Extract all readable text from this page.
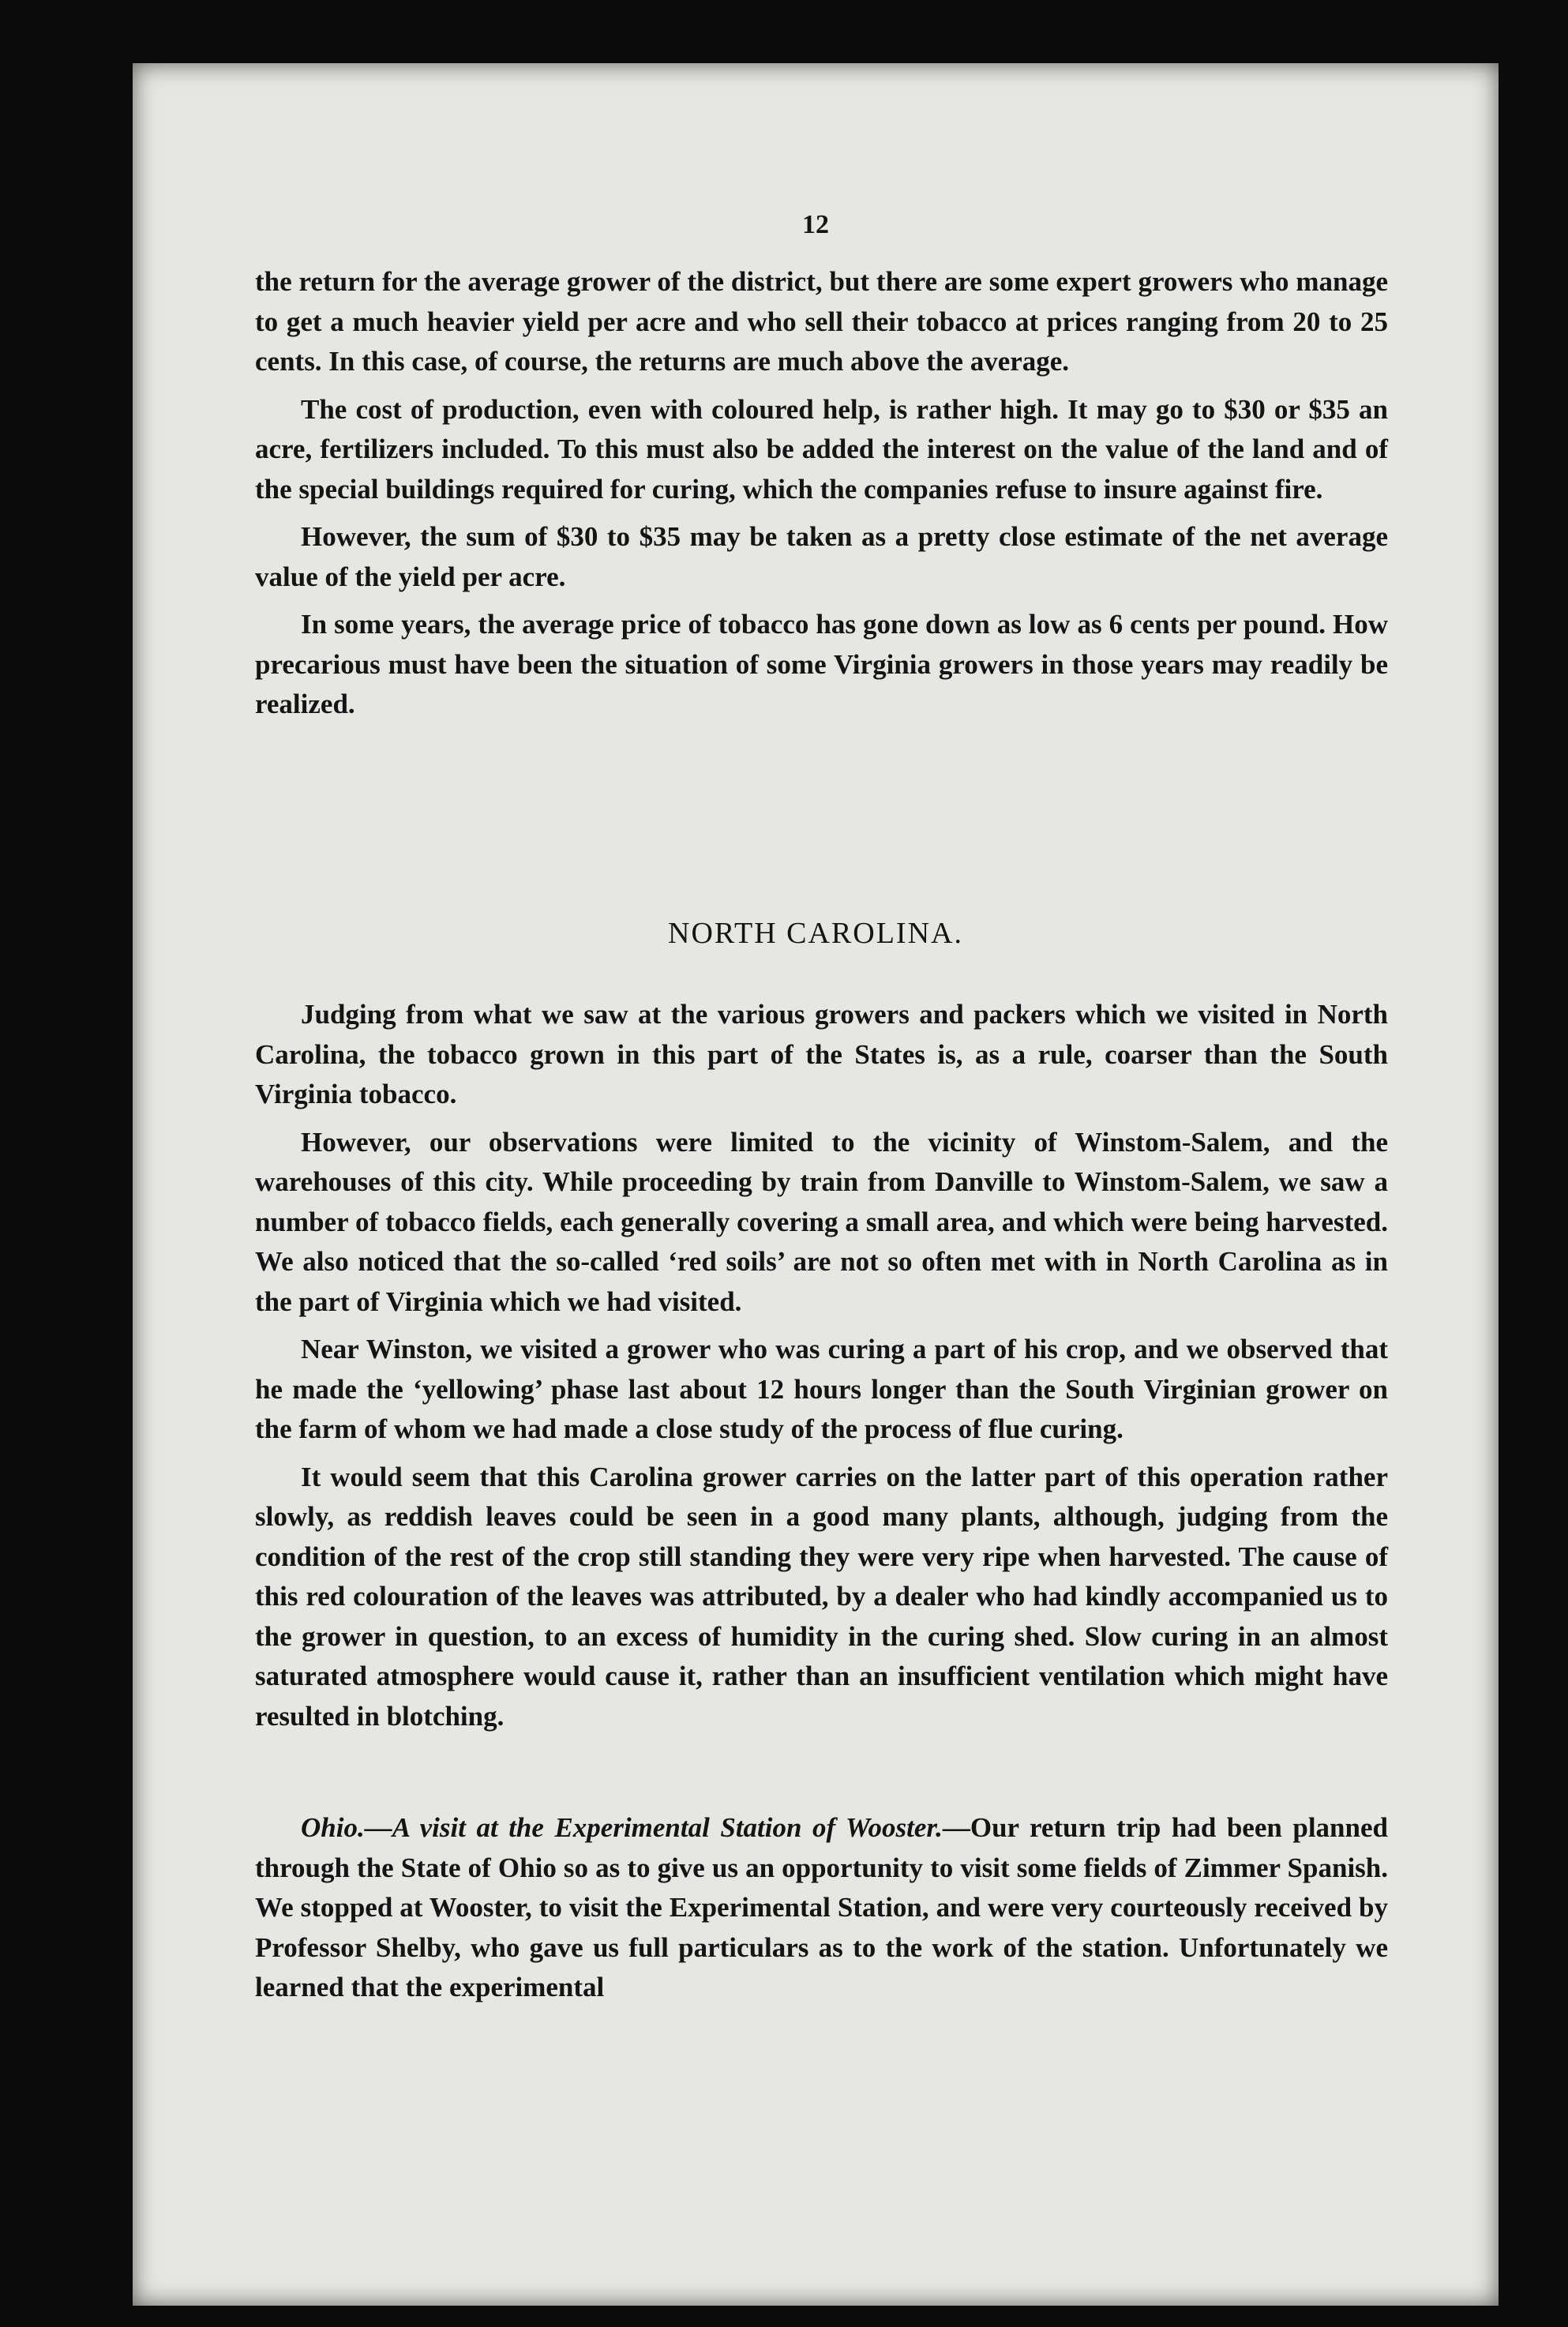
12

the return for the average grower of the district, but there are some expert growers who manage to get a much heavier yield per acre and who sell their tobacco at prices ranging from 20 to 25 cents. In this case, of course, the returns are much above the average.

The cost of production, even with coloured help, is rather high. It may go to $30 or $35 an acre, fertilizers included. To this must also be added the interest on the value of the land and of the special buildings required for curing, which the companies refuse to insure against fire.

However, the sum of $30 to $35 may be taken as a pretty close estimate of the net average value of the yield per acre.

In some years, the average price of tobacco has gone down as low as 6 cents per pound. How precarious must have been the situation of some Virginia growers in those years may readily be realized.

NORTH CAROLINA.

Judging from what we saw at the various growers and packers which we visited in North Carolina, the tobacco grown in this part of the States is, as a rule, coarser than the South Virginia tobacco.

However, our observations were limited to the vicinity of Winstom-Salem, and the warehouses of this city. While proceeding by train from Danville to Winstom-Salem, we saw a number of tobacco fields, each generally covering a small area, and which were being harvested. We also noticed that the so-called ‘red soils’ are not so often met with in North Carolina as in the part of Virginia which we had visited.

Near Winston, we visited a grower who was curing a part of his crop, and we observed that he made the ‘yellowing’ phase last about 12 hours longer than the South Virginian grower on the farm of whom we had made a close study of the process of flue curing.

It would seem that this Carolina grower carries on the latter part of this operation rather slowly, as reddish leaves could be seen in a good many plants, although, judging from the condition of the rest of the crop still standing they were very ripe when harvested. The cause of this red colouration of the leaves was attributed, by a dealer who had kindly accompanied us to the grower in question, to an excess of humidity in the curing shed. Slow curing in an almost saturated atmosphere would cause it, rather than an insufficient ventilation which might have resulted in blotching.

Ohio.—A visit at the Experimental Station of Wooster.—Our return trip had been planned through the State of Ohio so as to give us an opportunity to visit some fields of Zimmer Spanish. We stopped at Wooster, to visit the Experimental Station, and were very courteously received by Professor Shelby, who gave us full particulars as to the work of the station. Unfortunately we learned that the experimental
